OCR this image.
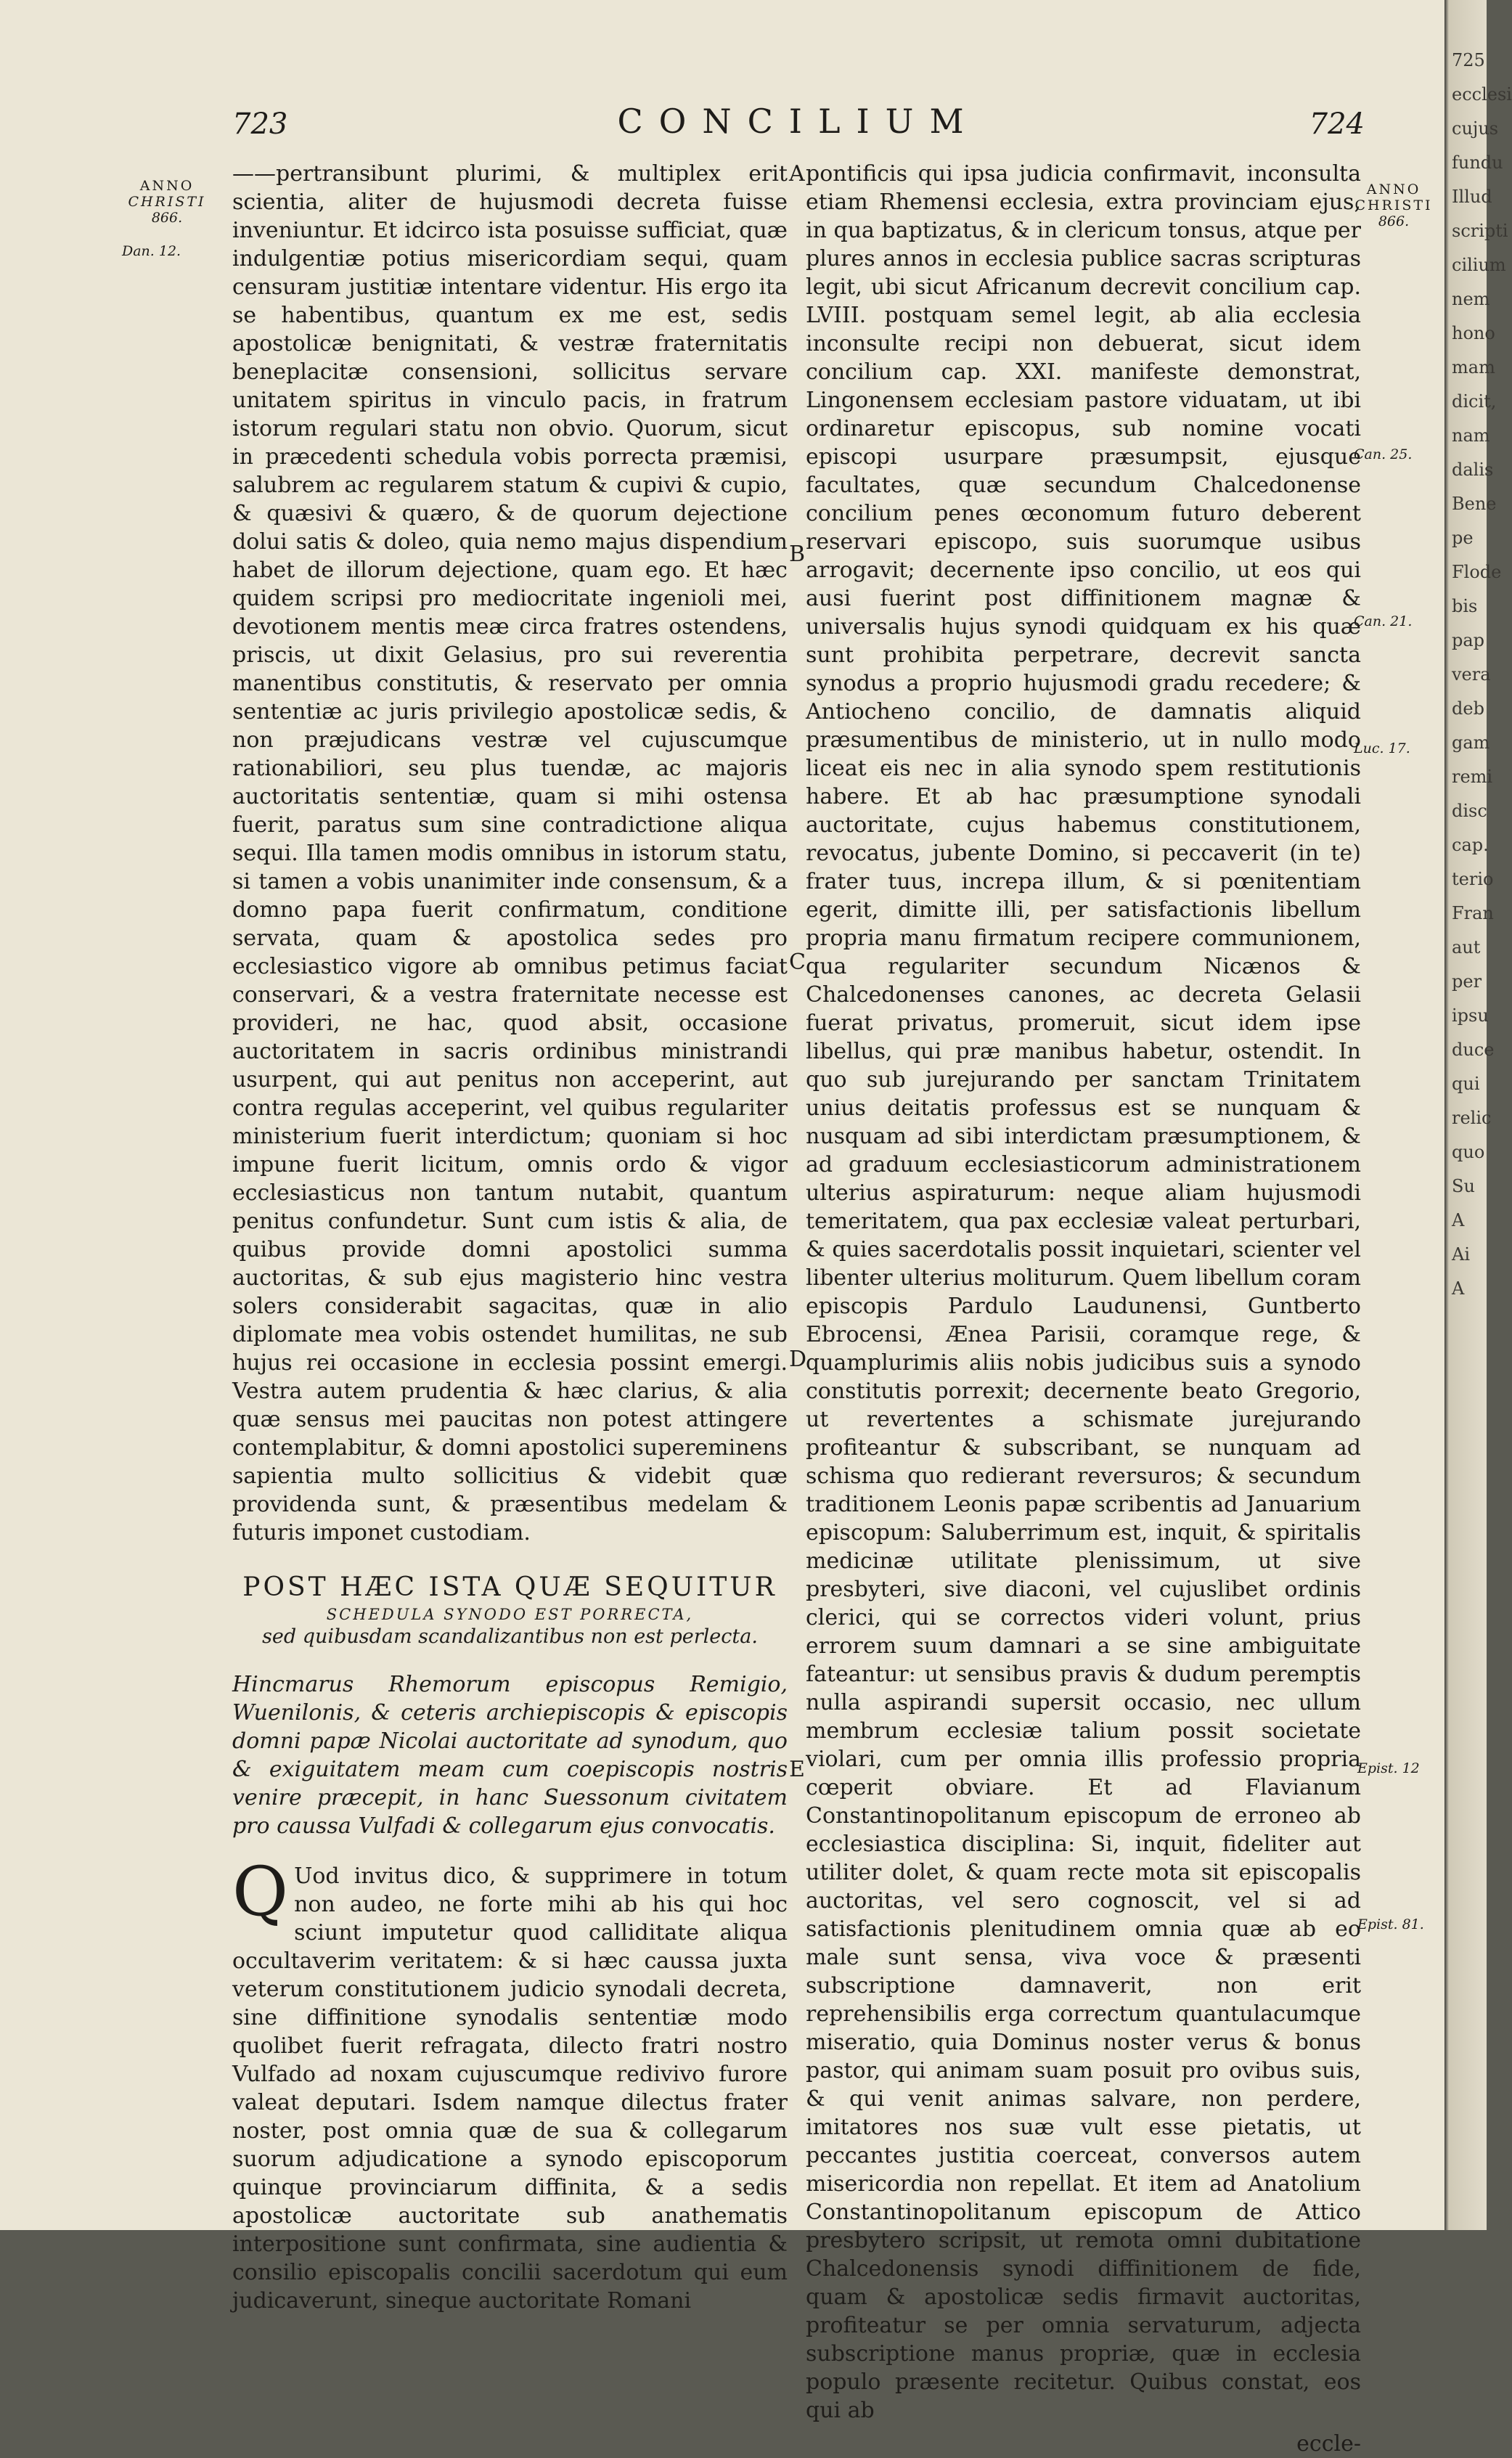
723	CONCILIUM	724
ANNO
CHRISTI
866.
Dan. 12.
ANNO
CHRISTI
866.
Can. 25.
Can. 21.
Luc. 17.
Epist. 12
Epist. 81.
A
B
C
D
E

——pertransibunt plurimi, & multiplex erit scientia, aliter de hujusmodi decreta fuisse inveniuntur. Et idcirco ista posuisse sufficiat, quæ indulgentiæ potius misericordiam sequi, quam censuram justitiæ intentare videntur. His ergo ita se habentibus, quantum ex me est, sedis apostolicæ benignitati, & vestræ fraternitatis beneplacitæ consensioni, sollicitus servare unitatem spiritus in vinculo pacis, in fratrum istorum regulari statu non obvio. Quorum, sicut in præcedenti schedula vobis porrecta præmisi, salubrem ac regularem statum & cupivi & cupio, & quæsivi & quæro, & de quorum dejectione dolui satis & doleo, quia nemo majus dispendium habet de illorum dejectione, quam ego. Et hæc quidem scripsi pro mediocritate ingenioli mei, devotionem mentis meæ circa fratres ostendens, priscis, ut dixit Gelasius, pro sui reverentia manentibus constitutis, & reservato per omnia sententiæ ac juris privilegio apostolicæ sedis, & non præjudicans vestræ vel cujuscumque rationabiliori, seu plus tuendæ, ac majoris auctoritatis sententiæ, quam si mihi ostensa fuerit, paratus sum sine contradictione aliqua sequi. Illa tamen modis omnibus in istorum statu, si tamen a vobis unanimiter inde consensum, & a domno papa fuerit confirmatum, conditione servata, quam & apostolica sedes pro ecclesiastico vigore ab omnibus petimus faciat conservari, & a vestra fraternitate necesse est provideri, ne hac, quod absit, occasione auctoritatem in sacris ordinibus ministrandi usurpent, qui aut penitus non acceperint, aut contra regulas acceperint, vel quibus regulariter ministerium fuerit interdictum; quoniam si hoc impune fuerit licitum, omnis ordo & vigor ecclesiasticus non tantum nutabit, quantum penitus confundetur. Sunt cum istis & alia, de quibus provide domni apostolici summa auctoritas, & sub ejus magisterio hinc vestra solers considerabit sagacitas, quæ in alio diplomate mea vobis ostendet humilitas, ne sub hujus rei occasione in ecclesia possint emergi. Vestra autem prudentia & hæc clarius, & alia quæ sensus mei paucitas non potest attingere contemplabitur, & domni apostolici supereminens sapientia multo sollicitius & videbit quæ providenda sunt, & præsentibus medelam & futuris imponet custodiam.

POST HÆC ISTA QUÆ SEQUITUR
SCHEDULA SYNODO EST PORRECTA,
sed quibusdam scandalizantibus non est perlecta.

Hincmarus Rhemorum episcopus Remigio, Wuenilonis, & ceteris archiepiscopis & episcopis domni papæ Nicolai auctoritate ad synodum, quo & exiguitatem meam cum coepiscopis nostris venire præcepit, in hanc Suessonum civitatem pro caussa Vulfadi & collegarum ejus convocatis.

Q Uod invitus dico, & supprimere in totum non audeo, ne forte mihi ab his qui hoc sciunt imputetur quod calliditate aliqua occultaverim veritatem: & si hæc caussa juxta veterum constitutionem judicio synodali decreta, sine diffinitione synodalis sententiæ modo quolibet fuerit refragata, dilecto fratri nostro Vulfado ad noxam cujuscumque redivivo furore valeat deputari. Isdem namque dilectus frater noster, post omnia quæ de sua & collegarum suorum adjudicatione a synodo episcoporum quinque provinciarum diffinita, & a sedis apostolicæ auctoritate sub anathematis interpositione sunt confirmata, sine audientia & consilio episcopalis concilii sacerdotum qui eum judicaverunt, sineque auctoritate Romani

pontificis qui ipsa judicia confirmavit, inconsulta etiam Rhemensi ecclesia, extra provinciam ejus, in qua baptizatus, & in clericum tonsus, atque per plures annos in ecclesia publice sacras scripturas legit, ubi sicut Africanum decrevit concilium cap. LVIII. postquam semel legit, ab alia ecclesia inconsulte recipi non debuerat, sicut idem concilium cap. XXI. manifeste demonstrat, Lingonensem ecclesiam pastore viduatam, ut ibi ordinaretur episcopus, sub nomine vocati episcopi usurpare præsumpsit, ejusque facultates, quæ secundum Chalcedonense concilium penes œconomum futuro deberent reservari episcopo, suis suorumque usibus arrogavit; decernente ipso concilio, ut eos qui ausi fuerint post diffinitionem magnæ & universalis hujus synodi quidquam ex his quæ sunt prohibita perpetrare, decrevit sancta synodus a proprio hujusmodi gradu recedere; & Antiocheno concilio, de damnatis aliquid præsumentibus de ministerio, ut in nullo modo liceat eis nec in alia synodo spem restitutionis habere. Et ab hac præsumptione synodali auctoritate, cujus habemus constitutionem, revocatus, jubente Domino, si peccaverit (in te) frater tuus, increpa illum, & si pœnitentiam egerit, dimitte illi, per satisfactionis libellum propria manu firmatum recipere communionem, qua regulariter secundum Nicænos & Chalcedonenses canones, ac decreta Gelasii fuerat privatus, promeruit, sicut idem ipse libellus, qui præ manibus habetur, ostendit. In quo sub jurejurando per sanctam Trinitatem unius deitatis professus est se nunquam & nusquam ad sibi interdictam præsumptionem, & ad graduum ecclesiasticorum administrationem ulterius aspiraturum: neque aliam hujusmodi temeritatem, qua pax ecclesiæ valeat perturbari, & quies sacerdotalis possit inquietari, scienter vel libenter ulterius moliturum. Quem libellum coram episcopis Pardulo Laudunensi, Guntberto Ebrocensi, Ænea Parisii, coramque rege, & quamplurimis aliis nobis judicibus suis a synodo constitutis porrexit; decernente beato Gregorio, ut revertentes a schismate jurejurando profiteantur & subscribant, se nunquam ad schisma quo redierant reversuros; & secundum traditionem Leonis papæ scribentis ad Januarium episcopum: Saluberrimum est, inquit, & spiritalis medicinæ utilitate plenissimum, ut sive presbyteri, sive diaconi, vel cujuslibet ordinis clerici, qui se correctos videri volunt, prius errorem suum damnari a se sine ambiguitate fateantur: ut sensibus pravis & dudum peremptis nulla aspirandi supersit occasio, nec ullum membrum ecclesiæ talium possit societate violari, cum per omnia illis professio propria cœperit obviare. Et ad Flavianum Constantinopolitanum episcopum de erroneo ab ecclesiastica disciplina: Si, inquit, fideliter aut utiliter dolet, & quam recte mota sit episcopalis auctoritas, vel sero cognoscit, vel si ad satisfactionis plenitudinem omnia quæ ab eo male sunt sensa, viva voce & præsenti subscriptione damnaverit, non erit reprehensibilis erga correctum quantulacumque miseratio, quia Dominus noster verus & bonus pastor, qui animam suam posuit pro ovibus suis, & qui venit animas salvare, non perdere, imitatores nos suæ vult esse pietatis, ut peccantes justitia coerceat, conversos autem misericordia non repellat. Et item ad Anatolium Constantinopolitanum episcopum de Attico presbytero scripsit, ut remota omni dubitatione Chalcedonensis synodi diffinitionem de fide, quam & apostolicæ sedis firmavit auctoritas, profiteatur se per omnia servaturum, adjecta subscriptione manus propriæ, quæ in ecclesia populo præsente recitetur. Quibus constat, eos qui ab

eccle-
725
ecclesi
cujus
fundu
Illud
scripti
cilium
nem
hono
mam
dicit,
nam
dalis
Bene
pe
Flode
bis
pap
vera
deb
gam
remi
disc
cap.
terio
Fran
aut
per
ipsu
duce
qui
relic
quo
Su
A
Ai
A
